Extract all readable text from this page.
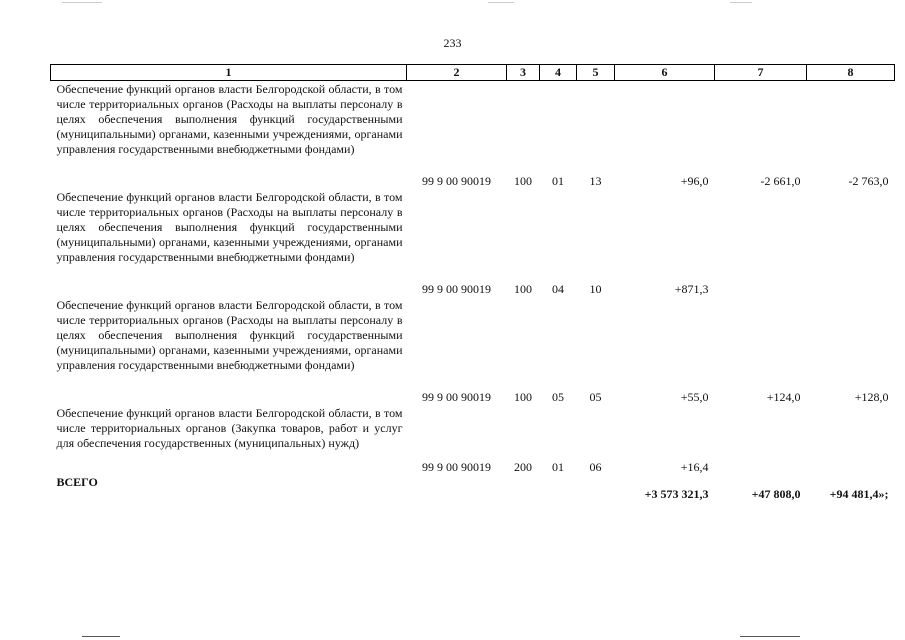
233
1	2	3	4	5	6	7	8
Обеспечение функций органов власти Белгородской области, в том числе территориальных органов (Расходы на выплаты персоналу в целях обеспечения выполнения функций государственными (муниципальными) органами, казенными учреждениями, органами управления государственными внебюджетными фондами)	99 9 00 90019	100	01	13	+96,0	-2 661,0	-2 763,0
Обеспечение функций органов власти Белгородской области, в том числе территориальных органов (Расходы на выплаты персоналу в целях обеспечения выполнения функций государственными (муниципальными) органами, казенными учреждениями, органами управления государственными внебюджетными фондами)	99 9 00 90019	100	04	10	+871,3		
Обеспечение функций органов власти Белгородской области, в том числе территориальных органов (Расходы на выплаты персоналу в целях обеспечения выполнения функций государственными (муниципальными) органами, казенными учреждениями, органами управления государственными внебюджетными фондами)	99 9 00 90019	100	05	05	+55,0	+124,0	+128,0
Обеспечение функций органов власти Белгородской области, в том числе территориальных органов (Закупка товаров, работ и услуг для обеспечения государственных (муниципальных) нужд)	99 9 00 90019	200	01	06	+16,4		
ВСЕГО					+3 573 321,3	+47 808,0	+94 481,4»;
